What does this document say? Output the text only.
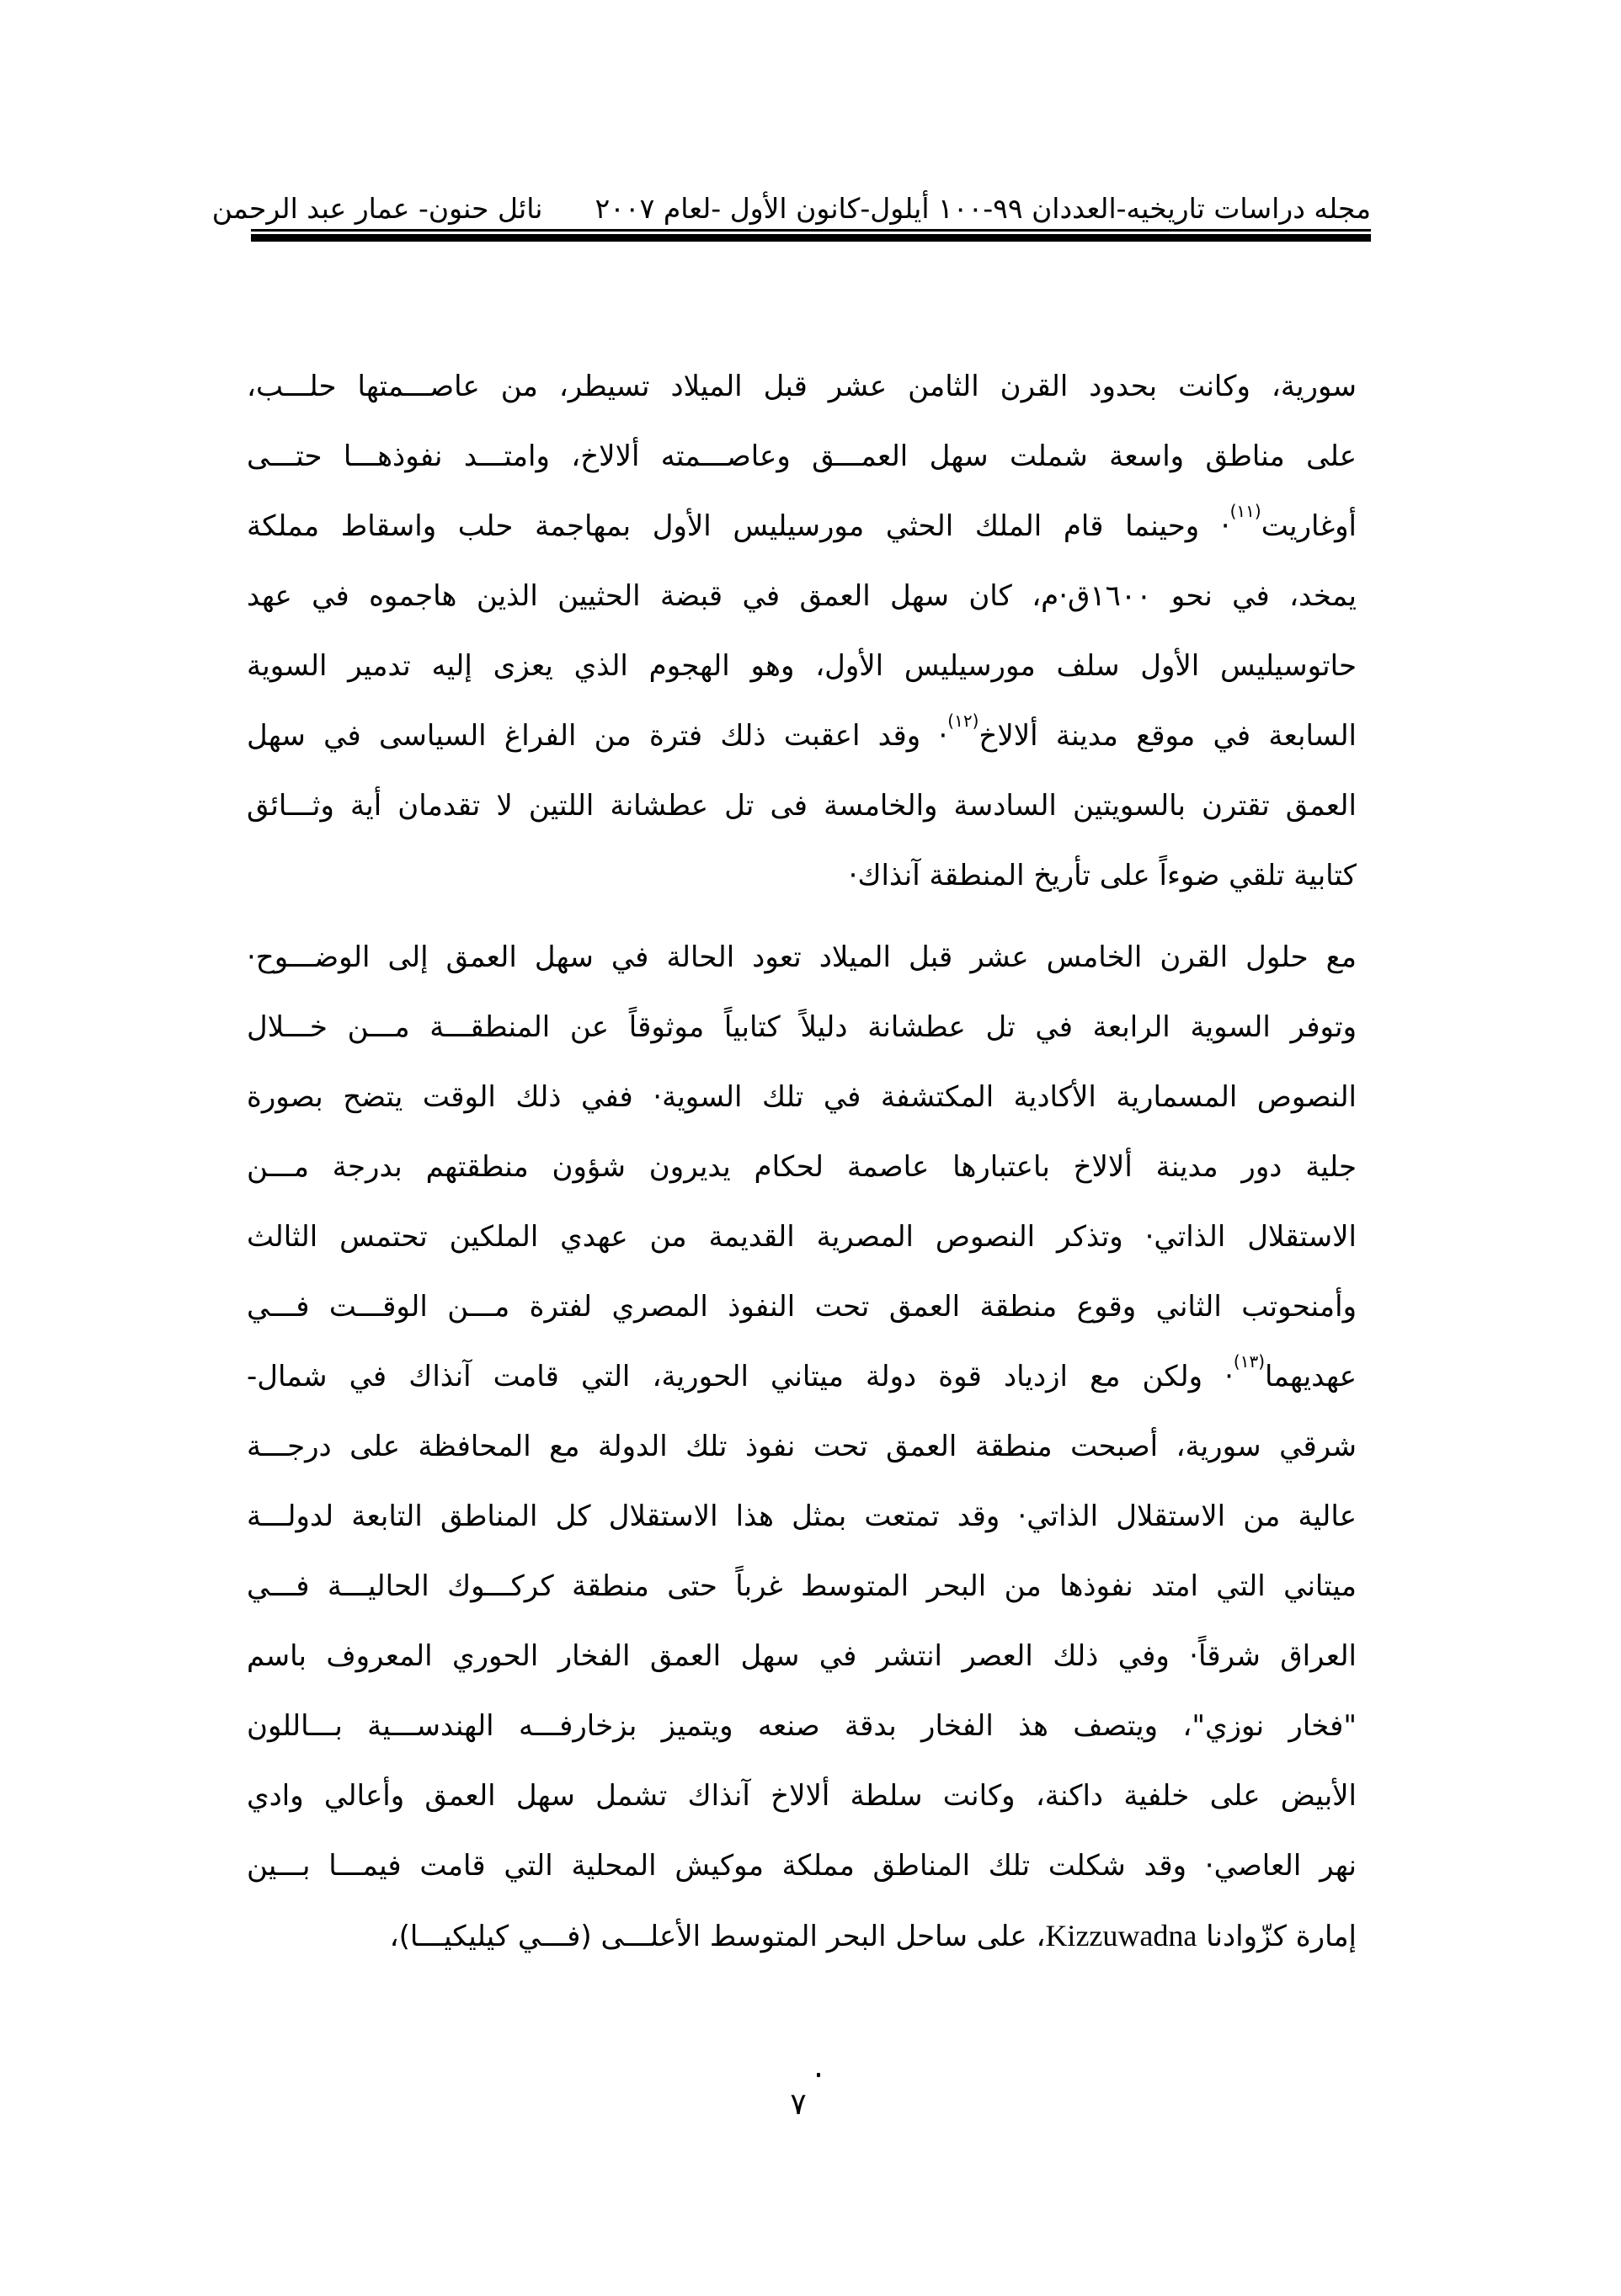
مجله دراسات تاريخيه-العددان ٩٩-١٠٠ أيلول-كانون الأول -لعام ٢٠٠٧
نائل حنون- عمار عبد الرحمن
سورية، وكانت بحدود القرن الثامن عشر قبل الميلاد تسيطر، من عاصـــمتها حلـــب،
على مناطق واسعة شملت سهل العمـــق وعاصـــمته ألالاخ، وامتـــد نفوذهـــا حتـــى
أوغاريت$^{(١١)}$· وحينما قام الملك الحثي مورسيليس الأول بمهاجمة حلب واسقاط مملكة
يمخد، في نحو ١٦٠٠ق·م، كان سهل العمق في قبضة الحثيين الذين هاجموه في عهد
حاتوسيليس الأول سلف مورسيليس الأول، وهو الهجوم الذي يعزى إليه تدمير السوية
السابعة في موقع مدينة ألالاخ$^{(١٢)}$· وقد اعقبت ذلك فترة من الفراغ السياسى في سهل
العمق تقترن بالسويتين السادسة والخامسة فى تل عطشانة اللتين لا تقدمان أية وثـــائق
كتابية تلقي ضوءاً على تأريخ المنطقة آنذاك·
مع حلول القرن الخامس عشر قبل الميلاد تعود الحالة في سهل العمق إلى الوضـــوح·
وتوفر السوية الرابعة في تل عطشانة دليلاً كتابياً موثوقاً عن المنطقـــة مـــن خـــلال
النصوص المسمارية الأكادية المكتشفة في تلك السوية· ففي ذلك الوقت يتضح بصورة
جلية دور مدينة ألالاخ باعتبارها عاصمة لحكام يديرون شؤون منطقتهم بدرجة مـــن
الاستقلال الذاتي· وتذكر النصوص المصرية القديمة من عهدي الملكين تحتمس الثالث
وأمنحوتب الثاني وقوع منطقة العمق تحت النفوذ المصري لفترة مـــن الوقـــت فـــي
عهديهما$^{(١٣)}$· ولكن مع ازدياد قوة دولة ميتاني الحورية، التي قامت آنذاك في شمال-
شرقي سورية، أصبحت منطقة العمق تحت نفوذ تلك الدولة مع المحافظة على درجـــة
عالية من الاستقلال الذاتي· وقد تمتعت بمثل هذا الاستقلال كل المناطق التابعة لدولـــة
ميتاني التي امتد نفوذها من البحر المتوسط غرباً حتى منطقة كركـــوك الحاليـــة فـــي
العراق شرقاً· وفي ذلك العصر انتشر في سهل العمق الفخار الحوري المعروف باسم
"فخار نوزي"، ويتصف هذ الفخار بدقة صنعه ويتميز بزخارفـــه الهندســـية بـــاللون
الأبيض على خلفية داكنة، وكانت سلطة ألالاخ آنذاك تشمل سهل العمق وأعالي وادي
نهر العاصي· وقد شكلت تلك المناطق مملكة موكيش المحلية التي قامت فيمـــا بـــين
إمارة كزّوادنا Kizzuwadna، على ساحل البحر المتوسط الأعلـــى (فـــي كيليكيـــا)،
٧
